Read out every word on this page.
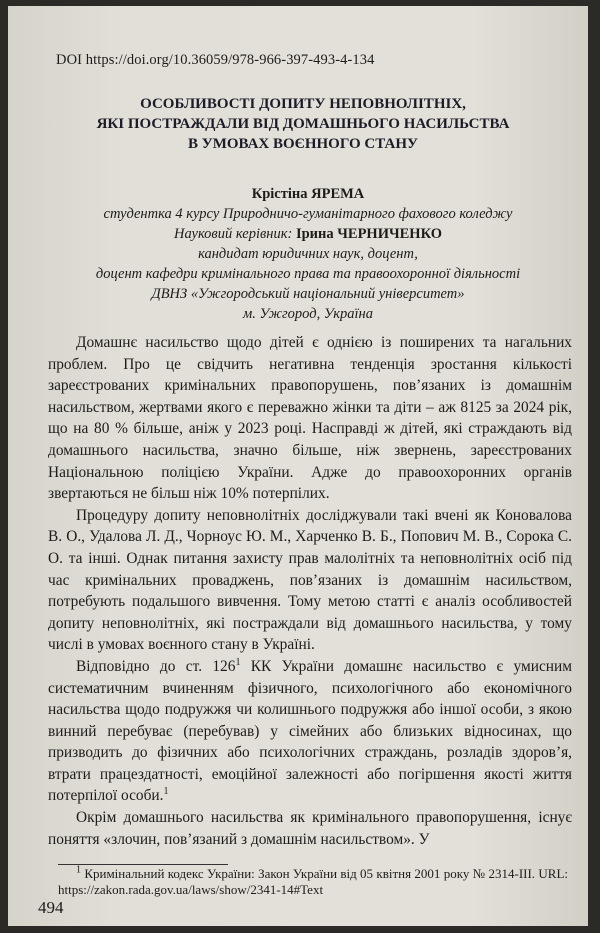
DOI https://doi.org/10.36059/978-966-397-493-4-134
ОСОБЛИВОСТІ ДОПИТУ НЕПОВНОЛІТНІХ,
ЯКІ ПОСТРАЖДАЛИ ВІД ДОМАШНЬОГО НАСИЛЬСТВА
В УМОВАХ ВОЄННОГО СТАНУ
Крістіна ЯРЕМА
студентка 4 курсу Природничо-гуманітарного фахового коледжу
Науковий керівник: Ірина ЧЕРНИЧЕНКО
кандидат юридичних наук, доцент,
доцент кафедри кримінального права та правоохоронної діяльності
ДВНЗ «Ужгородський національний університет»
м. Ужгород, Україна

Домашнє насильство щодо дітей є однією із поширених та нагальних проблем. Про це свідчить негативна тенденція зростання кількості зареєстрованих кримінальних правопорушень, пов’язаних із домашнім насильством, жертвами якого є переважно жінки та діти – аж 8125 за 2024 рік, що на 80 % більше, аніж у 2023 році. Насправді ж дітей, які страждають від домашнього насильства, значно більше, ніж звернень, зареєстрованих Національною поліцією України. Адже до правоохоронних органів звертаються не більш ніж 10% потерпілих.

Процедуру допиту неповнолітніх досліджували такі вчені як Коновалова В. О., Удалова Л. Д., Чорноус Ю. М., Харченко В. Б., Попович М. В., Сорока С. О. та інші. Однак питання захисту прав малолітніх та неповнолітніх осіб під час кримінальних проваджень, пов’язаних із домашнім насильством, потребують подальшого вивчення. Тому метою статті є аналіз особливостей допиту неповнолітніх, які постраждали від домашнього насильства, у тому числі в умовах воєнного стану в Україні.

Відповідно до ст. $126^1$ КК України домашнє насильство є умисним систематичним вчиненням фізичного, психологічного або економічного насильства щодо подружжя чи колишнього подружжя або іншої особи, з якою винний перебуває (перебував) у сімейних або близьких відносинах, що призводить до фізичних або психологічних страждань, розладів здоров’я, втрати працездатності, емоційної залежності або погіршення якості життя потерпілої особи.$^1$

Окрім домашнього насильства як кримінального правопорушення, існує поняття «злочин, пов’язаний з домашнім насильством». У

$^1$ Кримінальний кодекс України: Закон України від 05 квітня 2001 року № 2314-ІІІ. URL: https://zakon.rada.gov.ua/laws/show/2341-14#Text

494
